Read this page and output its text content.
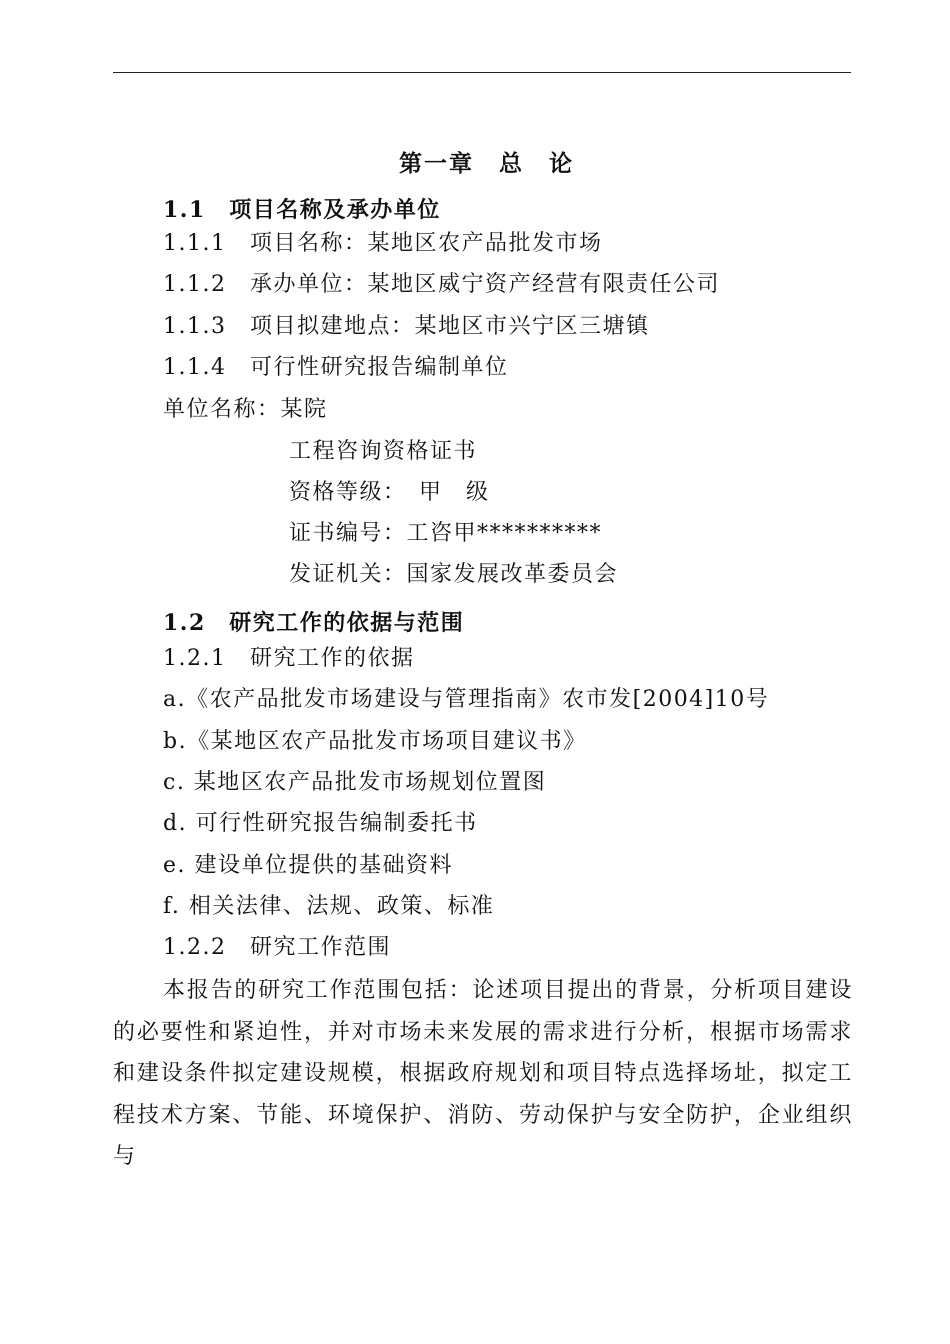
第一章　总　论
1.1　项目名称及承办单位
1.1.1　项目名称：某地区农产品批发市场
1.1.2　承办单位：某地区威宁资产经营有限责任公司
1.1.3　项目拟建地点：某地区市兴宁区三塘镇
1.1.4　可行性研究报告编制单位
单位名称：某院
工程咨询资格证书
资格等级：　甲　级
证书编号：工咨甲**********
发证机关：国家发展改革委员会
1.2　研究工作的依据与范围
1.2.1　研究工作的依据
a.《农产品批发市场建设与管理指南》农市发[2004]10号
b.《某地区农产品批发市场项目建议书》
c. 某地区农产品批发市场规划位置图
d. 可行性研究报告编制委托书
e. 建设单位提供的基础资料
f. 相关法律、法规、政策、标准
1.2.2　研究工作范围
本报告的研究工作范围包括：论述项目提出的背景，分析项目建设的必要性和紧迫性，并对市场未来发展的需求进行分析，根据市场需求和建设条件拟定建设规模，根据政府规划和项目特点选择场址，拟定工程技术方案、节能、环境保护、消防、劳动保护与安全防护，企业组织与
